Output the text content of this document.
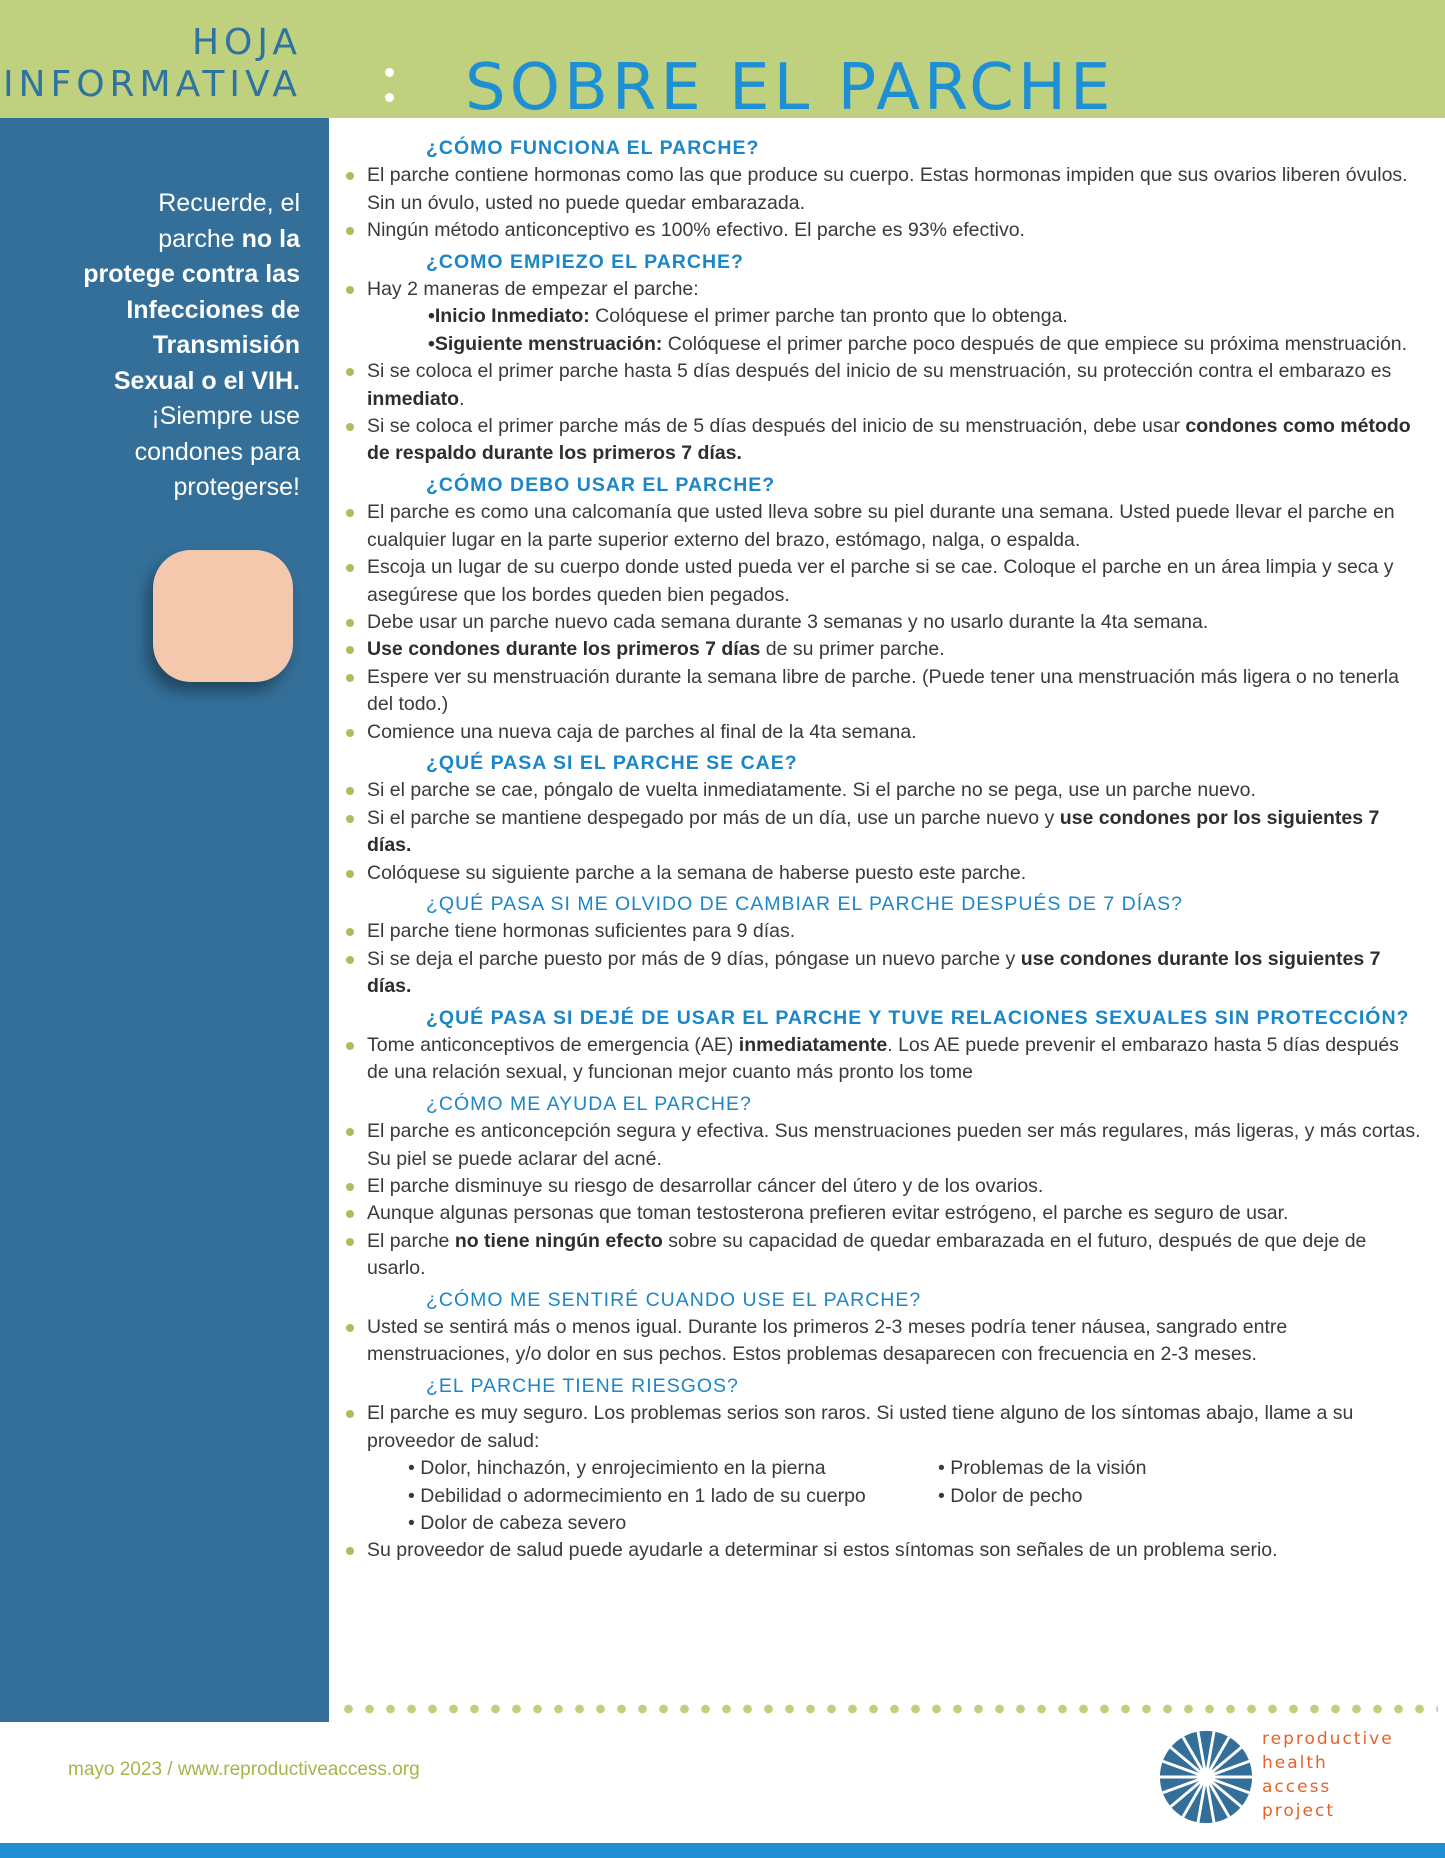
HOJA
INFORMATIVA	SOBRE EL PARCHE
Recuerde, el
parche no la
protege contra las
Infecciones de
Transmisión
Sexual o el VIH.
¡Siempre use
condones para
protegerse!
¿CÓMO FUNCIONA EL PARCHE?
El parche contiene hormonas como las que produce su cuerpo. Estas hormonas impiden que sus ovarios liberen óvulos. Sin un óvulo, usted no puede quedar embarazada.
Ningún método anticonceptivo es 100% efectivo. El parche es 93% efectivo.
¿COMO EMPIEZO EL PARCHE?
Hay 2 maneras de empezar el parche:
•Inicio Inmediato: Colóquese el primer parche tan pronto que lo obtenga.
•Siguiente menstruación: Colóquese el primer parche poco después de que empiece su próxima menstruación.
Si se coloca el primer parche hasta 5 días después del inicio de su menstruación, su protección contra el embarazo es inmediato.
Si se coloca el primer parche más de 5 días después del inicio de su menstruación, debe usar condones como método de respaldo durante los primeros 7 días.
¿CÓMO DEBO USAR EL PARCHE?
El parche es como una calcomanía que usted lleva sobre su piel durante una semana. Usted puede llevar el parche en cualquier lugar en la parte superior externo del brazo, estómago, nalga, o espalda.
Escoja un lugar de su cuerpo donde usted pueda ver el parche si se cae. Coloque el parche en un área limpia y seca y asegúrese que los bordes queden bien pegados.
Debe usar un parche nuevo cada semana durante 3 semanas y no usarlo durante la 4ta semana.
Use condones durante los primeros 7 días de su primer parche.
Espere ver su menstruación durante la semana libre de parche. (Puede tener una menstruación más ligera o no tenerla del todo.)
Comience una nueva caja de parches al final de la 4ta semana.
¿QUÉ PASA SI EL PARCHE SE CAE?
Si el parche se cae, póngalo de vuelta inmediatamente. Si el parche no se pega, use un parche nuevo.
Si el parche se mantiene despegado por más de un día, use un parche nuevo y use condones por los siguientes 7 días.
Colóquese su siguiente parche a la semana de haberse puesto este parche.
¿QUÉ PASA SI ME OLVIDO DE CAMBIAR EL PARCHE DESPUÉS DE 7 DÍAS?
El parche tiene hormonas suficientes para 9 días.
Si se deja el parche puesto por más de 9 días, póngase un nuevo parche y use condones durante los siguientes 7 días.
¿QUÉ PASA SI DEJÉ DE USAR EL PARCHE Y TUVE RELACIONES SEXUALES SIN PROTECCIÓN?
Tome anticonceptivos de emergencia (AE) inmediatamente. Los AE puede prevenir el embarazo hasta 5 días después de una relación sexual, y funcionan mejor cuanto más pronto los tome
¿CÓMO ME AYUDA EL PARCHE?
El parche es anticoncepción segura y efectiva. Sus menstruaciones pueden ser más regulares, más ligeras, y más cortas. Su piel se puede aclarar del acné.
El parche disminuye su riesgo de desarrollar cáncer del útero y de los ovarios.
Aunque algunas personas que toman testosterona prefieren evitar estrógeno, el parche es seguro de usar.
El parche no tiene ningún efecto sobre su capacidad de quedar embarazada en el futuro, después de que deje de usarlo.
¿CÓMO ME SENTIRÉ CUANDO USE EL PARCHE?
Usted se sentirá más o menos igual. Durante los primeros 2-3 meses podría tener náusea, sangrado entre menstruaciones, y/o dolor en sus pechos. Estos problemas desaparecen con frecuencia en 2-3 meses.
¿EL PARCHE TIENE RIESGOS?
El parche es muy seguro. Los problemas serios son raros. Si usted tiene alguno de los síntomas abajo, llame a su proveedor de salud:
• Dolor, hinchazón, y enrojecimiento en la pierna
• Debilidad o adormecimiento en 1 lado de su cuerpo
• Dolor de cabeza severo
• Problemas de la visión
• Dolor de pecho
Su proveedor de salud puede ayudarle a determinar si estos síntomas son señales de un problema serio.
mayo 2023 / www.reproductiveaccess.org
reproductive
health
access
project
